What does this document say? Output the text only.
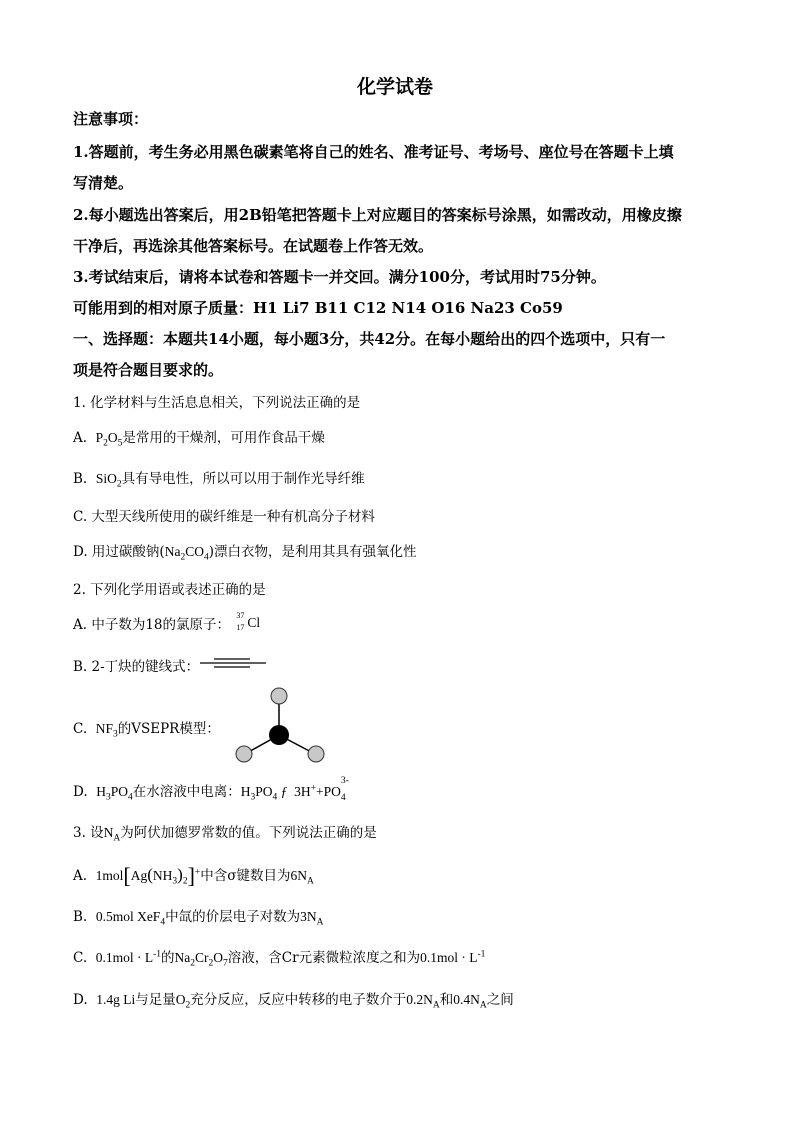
化学试卷
注意事项：
1.答题前，考生务必用黑色碳素笔将自己的姓名、准考证号、考场号、座位号在答题卡上填
写清楚。
2.每小题选出答案后，用2B铅笔把答题卡上对应题目的答案标号涂黑，如需改动，用橡皮擦
干净后，再选涂其他答案标号。在试题卷上作答无效。
3.考试结束后，请将本试卷和答题卡一并交回。满分100分，考试用时75分钟。
可能用到的相对原子质量：H1 Li7 B11 C12 N14 O16 Na23 Co59
一、选择题：本题共14小题，每小题3分，共42分。在每小题给出的四个选项中，只有一
项是符合题目要求的。
1. 化学材料与生活息息相关，下列说法正确的是
A. $P_2O_5$是常用的干燥剂，可用作食品干燥
B. SiO$_2$具有导电性，所以可以用于制作光导纤维
C. 大型天线所使用的碳纤维是一种有机高分子材料
D. 用过碳酸钠$(Na_2CO_4)$漂白衣物，是利用其具有强氧化性
2. 下列化学用语或表述正确的是
A. 中子数为18的氯原子：
37
17 Cl
B. 2-丁炔的键线式：
C. $NF_3$的VSEPR模型：
D. $H_3PO_4$在水溶液中电离：$H_3PO_4$ ƒ  3H++PO
$_{3- 4}$
3. 设$N_A$为阿伏加德罗常数的值。下列说法正确的是
A. $1mol[Ag(NH_3)_2]^+$中含σ键数目为$6N_A$
B. 0.5mol XeF$_4$中氙的价层电子对数为$3N_A$
C. $0.1mol \cdot L^{-1}$的$Na_2Cr_2O_7$溶液，含Cr元素微粒浓度之和为$0.1mol \cdot L^{-1}$
D. 1.4g Li与足量$O_2$充分反应，反应中转移的电子数介于$0.2N_A$和$0.4N_A$之间
